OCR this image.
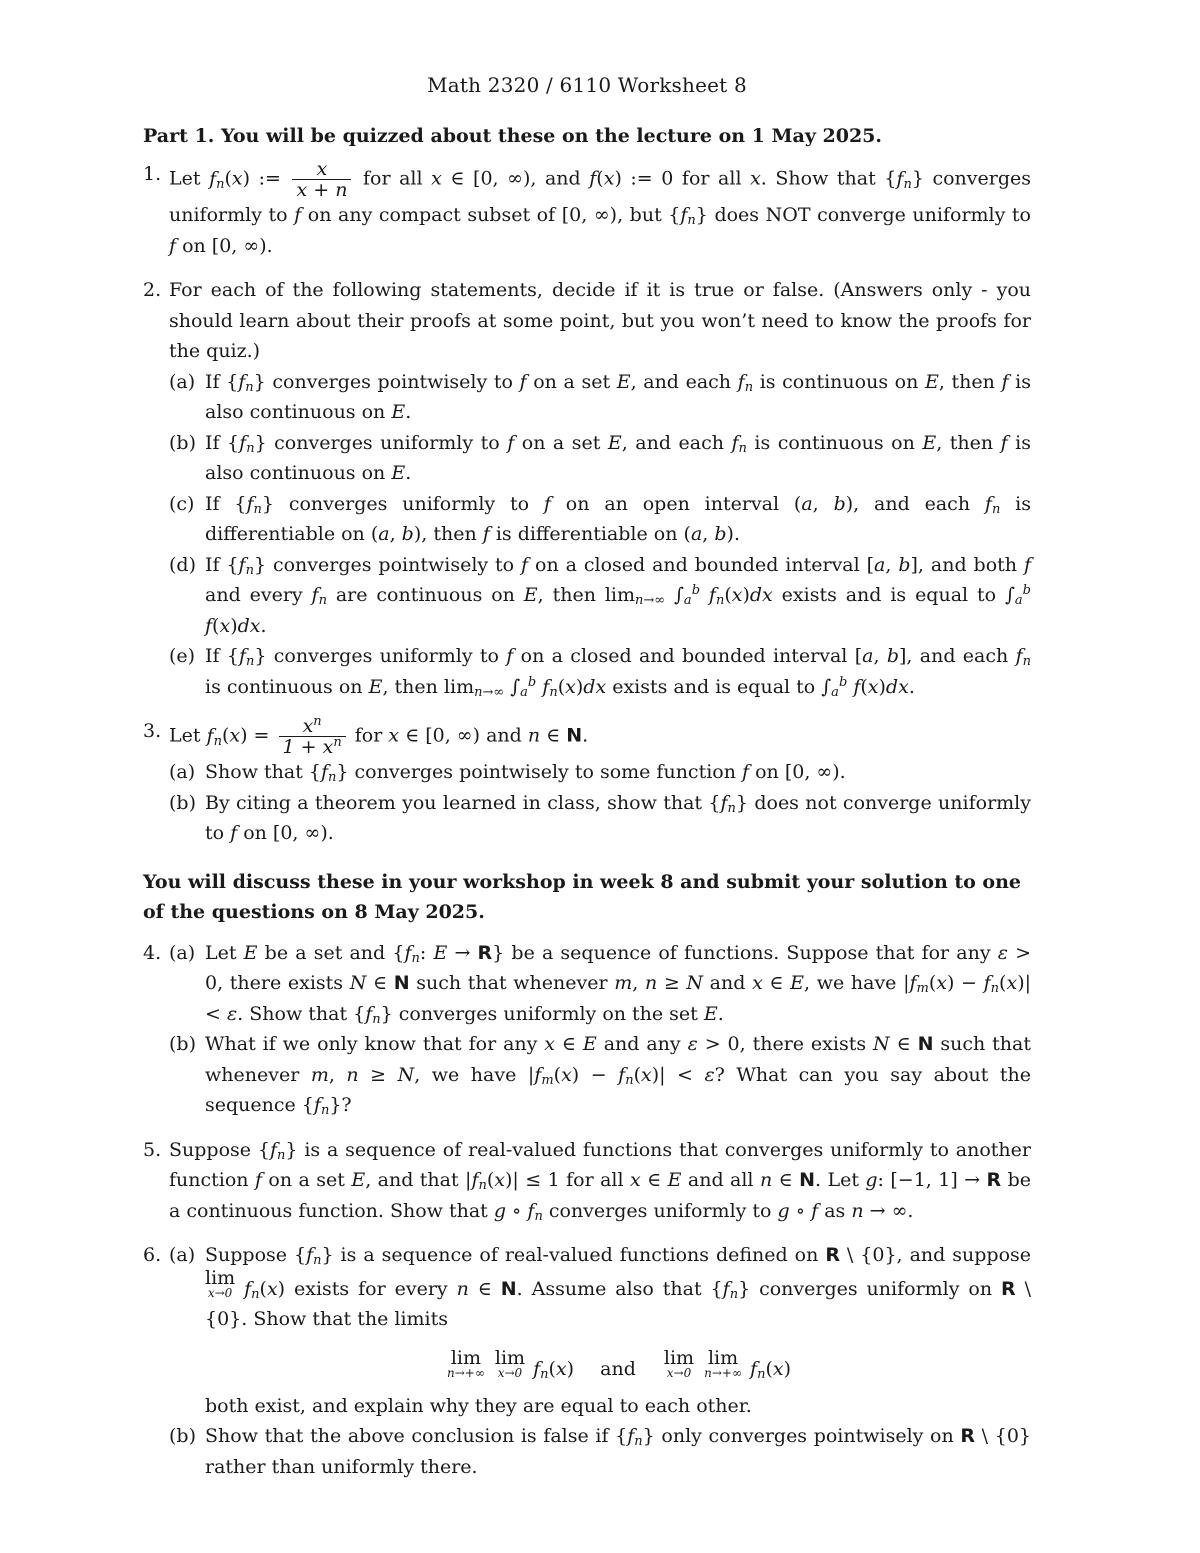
Math 2320 / 6110 Worksheet 8
Part 1. You will be quizzed about these on the lecture on 1 May 2025.
1. Let $f_n(x)$ := $\frac{x}{x + n}$ for all x ∈ [0, ∞), and f(x) := 0 for all x. Show that $\{f_n\}$ converges uniformly to f on any compact subset of [0, ∞), but $\{f_n\}$ does NOT converge uniformly to f on [0, ∞).
2. For each of the following statements, decide if it is true or false. (Answers only - you should learn about their proofs at some point, but you won’t need to know the proofs for the quiz.)
(a) If $\{f_n\}$ converges pointwisely to f on a set E, and each $f_n$ is continuous on E, then f is also continuous on E.
(b) If $\{f_n\}$ converges uniformly to f on a set E, and each $f_n$ is continuous on E, then f is also continuous on E.
(c) If $\{f_n\}$ converges uniformly to f on an open interval (a, b), and each $f_n$ is differentiable on (a, b), then f is differentiable on (a, b).
(d) If $\{f_n\}$ converges pointwisely to f on a closed and bounded interval [a, b], and both f and every $f_n$ are continuous on E, then $\lim_{n\to\infty} \int_a^b$ $f_n(x)dx$ exists and is equal to $\int_a^b$ f(x)dx.
(e) If $\{f_n\}$ converges uniformly to f on a closed and bounded interval [a, b], and each $f_n$ is continuous on E, then $\lim_{n\to\infty} \int_a^b$ $f_n(x)dx$ exists and is equal to $\int_a^b$ f(x)dx.
3. Let $f_n(x) = \frac{x^n}{1 + x^n}$ for x ∈ [0, ∞) and n ∈ N.
(a) Show that $\{f_n\}$ converges pointwisely to some function f on [0, ∞).
(b) By citing a theorem you learned in class, show that $\{f_n\}$ does not converge uniformly to f on [0, ∞).
You will discuss these in your workshop in week 8 and submit your solution to one of the questions on 8 May 2025.
4. (a) Let E be a set and {$f_n$: E → R} be a sequence of functions. Suppose that for any ε > 0, there exists N ∈ N such that whenever m, n ≥ N and x ∈ E, we have $|f_m(x) - f_n(x)| < \varepsilon$. Show that $\{f_n\}$ converges uniformly on the set E.
(b) What if we only know that for any x ∈ E and any ε > 0, there exists N ∈ N such that whenever m, n ≥ N, we have $|f_m(x) - f_n(x)| < \varepsilon$? What can you say about the sequence $\{f_n\}$?
5. Suppose $\{f_n\}$ is a sequence of real-valued functions that converges uniformly to another function f on a set E, and that $|f_n(x)| \le 1$ for all x ∈ E and all n ∈ N. Let g: [−1, 1] → R be a continuous function. Show that g ∘ $f_n$ converges uniformly to g ∘ f as n → ∞.
6. (a) Suppose $\{f_n\}$ is a sequence of real-valued functions defined on R \ {0}, and suppose
lim
x→0 $f_n(x)$ exists for every n ∈ N. Assume also that $\{f_n\}$ converges uniformly on R \ {0}. Show that the limits
lim
n→+∞

lim
x→0 $f_n(x)$ and lim
x→0

lim
n→+∞ $f_n(x)$
both exist, and explain why they are equal to each other.
(b) Show that the above conclusion is false if $\{f_n\}$ only converges pointwisely on R \ {0} rather than uniformly there.
